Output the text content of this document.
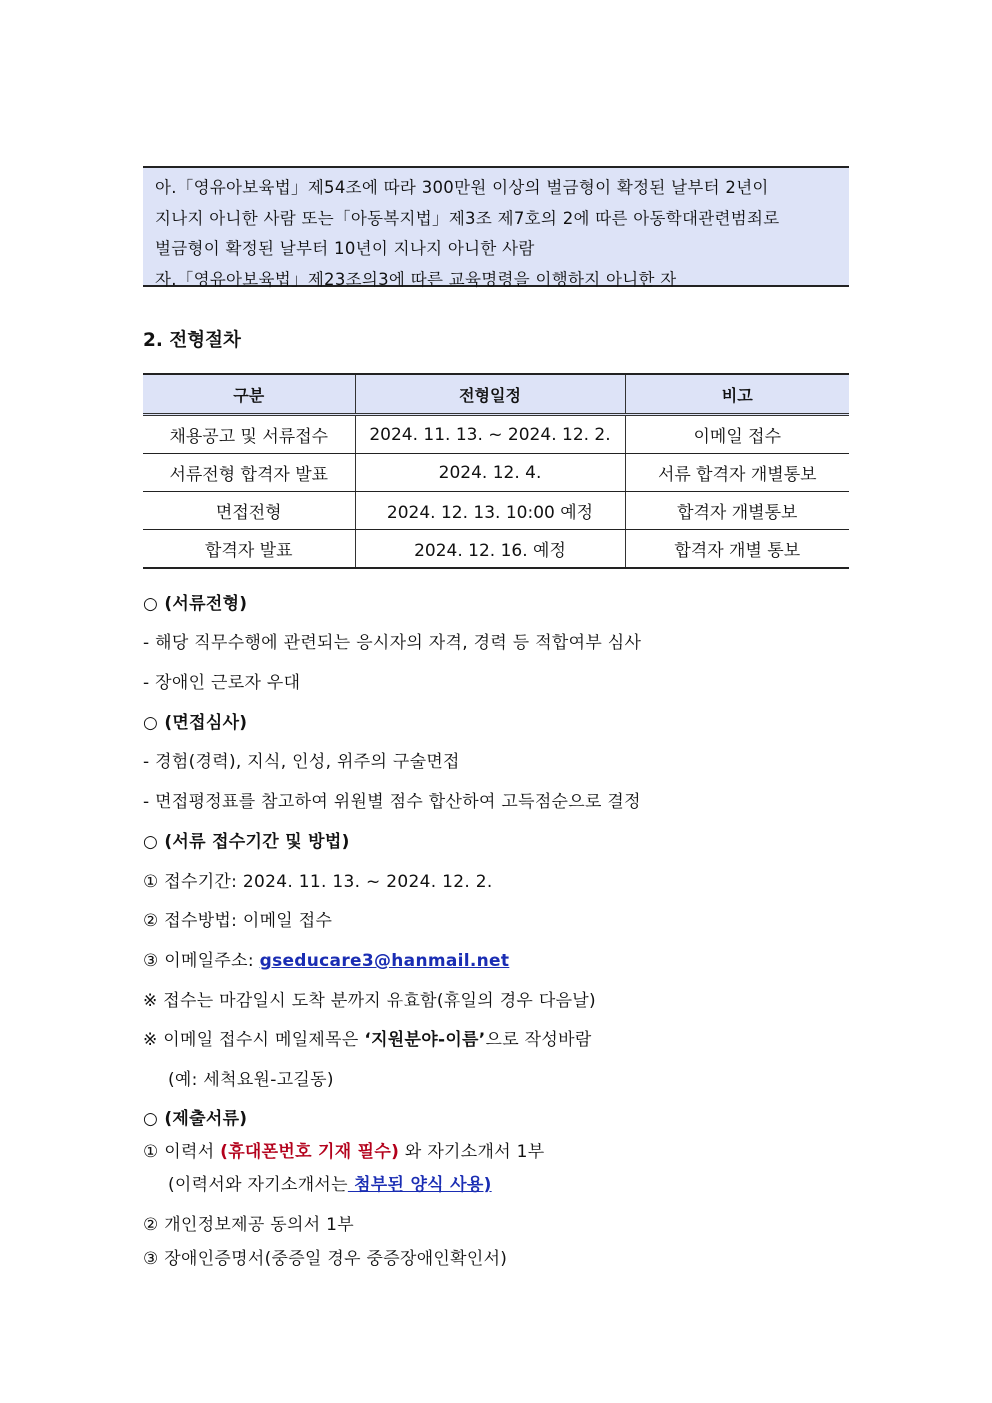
아.「영유아보육법」제54조에 따라 300만원 이상의 벌금형이 확정된 날부터 2년이
지나지 아니한 사람 또는「아동복지법」제3조 제7호의 2에 따른 아동학대관련범죄로
벌금형이 확정된 날부터 10년이 지나지 아니한 사람
자.「영유아보육법」제23조의3에 따른 교육명령을 이행하지 아니한 자
2. 전형절차
구분	전형일정	비고
채용공고 및 서류접수	2024. 11. 13. ~ 2024. 12. 2.	이메일 접수
서류전형 합격자 발표	2024. 12. 4.	서류 합격자 개별통보
면접전형	2024. 12. 13. 10:00 예정	합격자 개별통보
합격자 발표	2024. 12. 16. 예정	합격자 개별 통보
○ (서류전형)
- 해당 직무수행에 관련되는 응시자의 자격, 경력 등 적합여부 심사
- 장애인 근로자 우대
○ (면접심사)
- 경험(경력), 지식, 인성, 위주의 구술면접
- 면접평정표를 참고하여 위원별 점수 합산하여 고득점순으로 결정
○ (서류 접수기간 및 방법)
① 접수기간: 2024. 11. 13. ~ 2024. 12. 2.
② 접수방법: 이메일 접수
③ 이메일주소: gseducare3@hanmail.net
※ 접수는 마감일시 도착 분까지 유효함(휴일의 경우 다음날)
※ 이메일 접수시 메일제목은 ‘지원분야-이름’으로 작성바람
(예: 세척요원-고길동)
○ (제출서류)
① 이력서 (휴대폰번호 기재 필수) 와 자기소개서 1부
(이력서와 자기소개서는 첨부된 양식 사용)
② 개인정보제공 동의서 1부
③ 장애인증명서(중증일 경우 중증장애인확인서)
